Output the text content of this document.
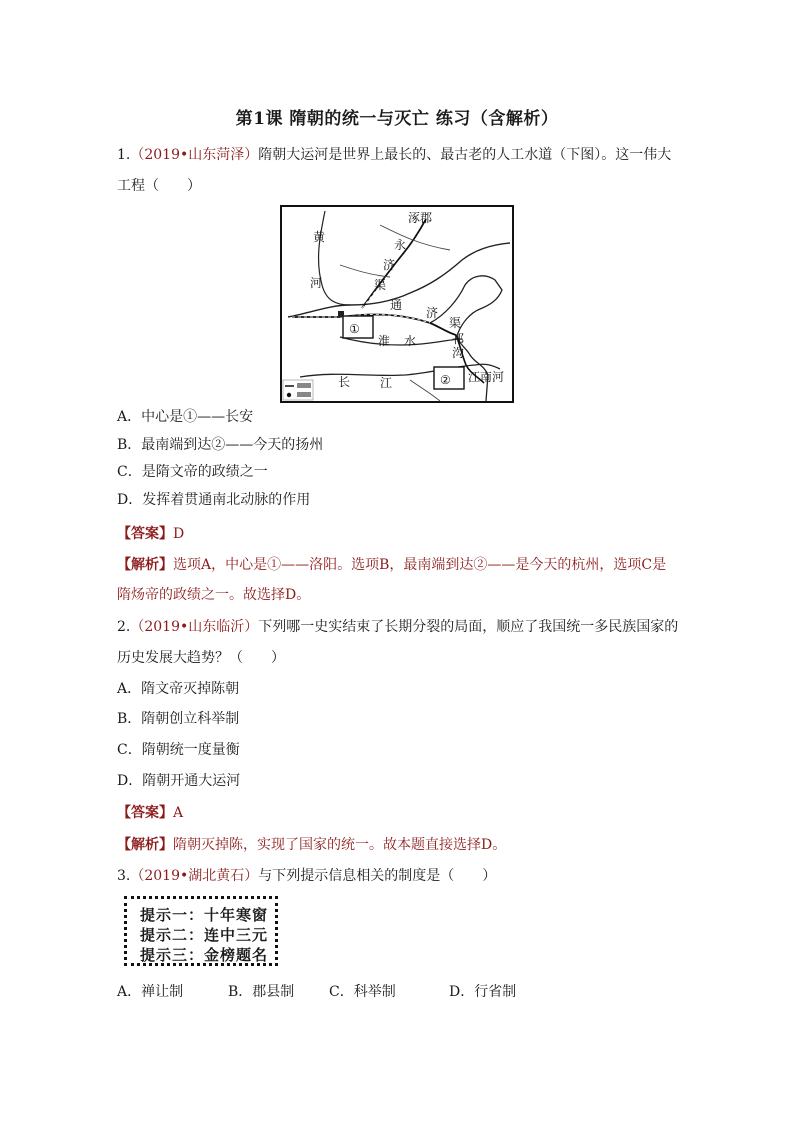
第1课 隋朝的统一与灭亡 练习（含解析）
1.（2019•山东菏泽）隋朝大运河是世界上最长的、最古老的人工水道（下图）。这一伟大
工程（　　）
涿郡
黄
河
永
济
渠
通
济
渠
淮 水
长 江
邗
沟
江南河
①
②
A．中心是①——长安
B．最南端到达②——今天的扬州
C．是隋文帝的政绩之一
D．发挥着贯通南北动脉的作用
【答案】D
【解析】选项A，中心是①——洛阳。选项B，最南端到达②——是今天的杭州，选项C是
隋炀帝的政绩之一。故选择D。
2.（2019•山东临沂）下列哪一史实结束了长期分裂的局面，顺应了我国统一多民族国家的
历史发展大趋势？（　　）
A．隋文帝灭掉陈朝
B．隋朝创立科举制
C．隋朝统一度量衡
D．隋朝开通大运河
【答案】A
【解析】隋朝灭掉陈，实现了国家的统一。故本题直接选择D。
3.（2019•湖北黄石）与下列提示信息相关的制度是（　　）
提示一：十年寒窗
提示二：连中三元
提示三：金榜题名
A．禅让制	B．郡县制 C．科举制	D．行省制
